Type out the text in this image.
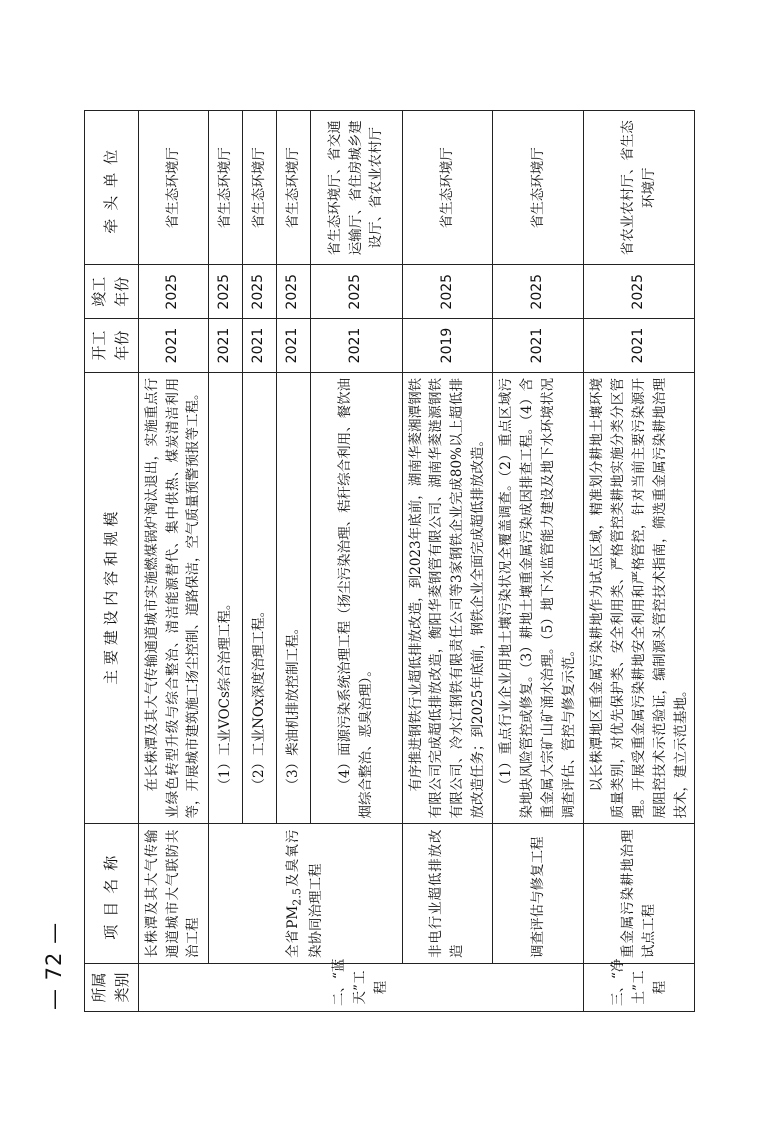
— 72 — 所属类别	项目名称	主 要 建 设 内 容 和 规 模	开工年份	竣工年份	牵头单位
二、“蓝天”工程	长株潭及其大气传输通道城市大气联防共治工程	在长株潭及其大气传输通道城市实施燃煤锅炉淘汰退出，实施重点行业绿色转型升级与综合整治、清洁能源替代、集中供热、煤炭清洁利用等，开展城市建筑施工扬尘控制、道路保洁，空气质量预警预报等工程。	2021	2025	省生态环境厅
	全省$PM_{2.5}$及臭氧污染协同治理工程	（1）工业VOCs综合治理工程。	2021	2025	省生态环境厅
		（2）工业NOx深度治理工程。	2021	2025	省生态环境厅
		（3）柴油机排放控制工程。	2021	2025	省生态环境厅
		（4）面源污染系统治理工程（扬尘污染治理、秸秆综合利用、餐饮油烟综合整治、恶臭治理）。	2021	2025	省生态环境厅、省交通运输厅、省住房城乡建设厅、省农业农村厅
	非电行业超低排放改造	有序推进钢铁行业超低排放改造，到2023年底前，湖南华菱湘潭钢铁有限公司完成超低排放改造，衡阳华菱钢管有限公司、湖南华菱涟源钢铁有限公司、冷水江钢铁有限责任公司等3家钢铁企业完成80%以上超低排放改造任务；到2025年底前，钢铁企业全面完成超低排放改造。	2019	2025	省生态环境厅
	调查评估与修复工程	（1）重点行业企业用地土壤污染状况全覆盖调查。（2）重点区域污染地块风险管控或修复。（3）耕地土壤重金属污染成因排查工程。（4）含重金属大宗矿山矿涌水治理。（5）地下水监管能力建设及地下水环境状况调查评估、管控与修复示范。	2021	2025	省生态环境厅
三、“净土”工程	重金属污染耕地治理试点工程	以长株潭地区重金属污染耕地作为试点区域，精准划分耕地土壤环境质量类别，对优先保护类、安全利用类、严格管控类耕地实施分类分区管理。开展受重金属污染耕地安全利用和严格管控，针对当前主要污染源开展阻控技术示范验证，编制源头管控技术指南，筛选重金属污染耕地治理技术，建立示范基地。	2021	2025	省农业农村厅、省生态环境厅
